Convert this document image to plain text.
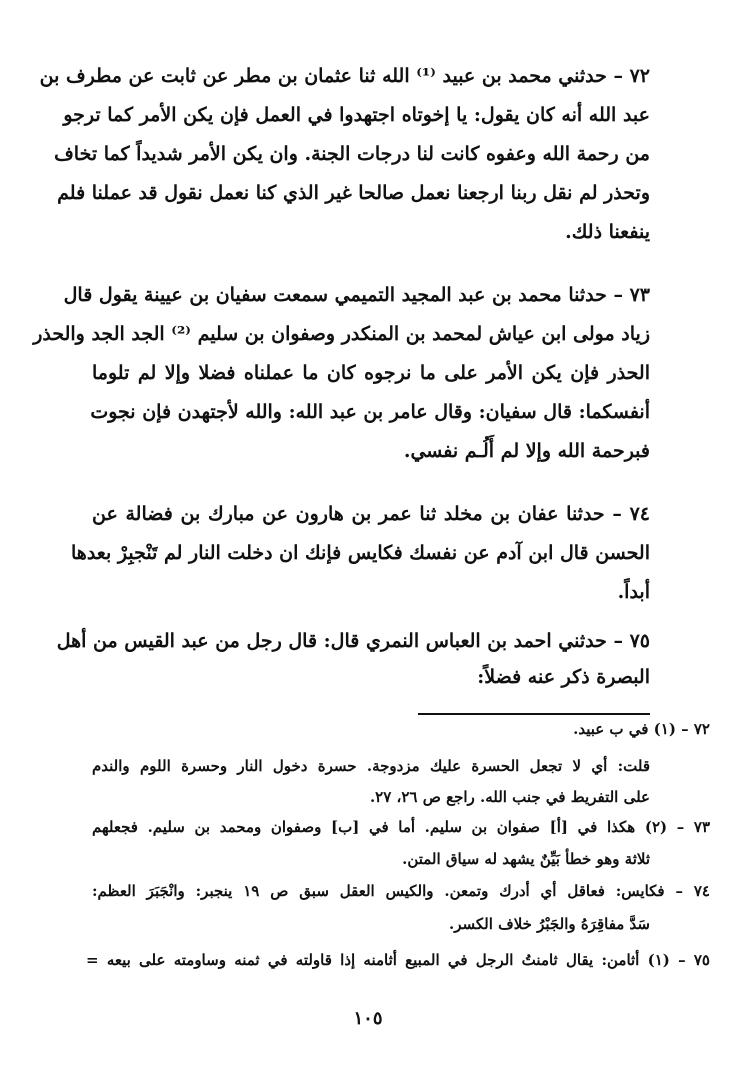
٧٢ – حدثني محمد بن عبيد ⁽¹⁾ الله ثنا عثمان بن مطر عن ثابت عن مطرف بن
عبد الله أنه كان يقول: يا إخوتاه اجتهدوا في العمل فإن يكن الأمر كما ترجو
من رحمة الله وعفوه كانت لنا درجات الجنة. وان يكن الأمر شديداً كما تخاف
وتحذر لم نقل ربنا ارجعنا نعمل صالحا غير الذي كنا نعمل نقول قد عملنا فلم
ينفعنا ذلك.
٧٣ – حدثنا محمد بن عبد المجيد التميمي سمعت سفيان بن عيينة يقول قال
زياد مولى ابن عياش لمحمد بن المنكدر وصفوان بن سليم ⁽²⁾ الجد الجد والحذر
الحذر فإن يكن الأمر على ما نرجوه كان ما عملناه فضلا وإلا لم تلوما
أنفسكما: قال سفيان: وقال عامر بن عبد الله: والله لأجتهدن فإن نجوت
فبرحمة الله وإلا لم أَلُـم نفسي.
٧٤ – حدثنا عفان بن مخلد ثنا عمر بن هارون عن مبارك بن فضالة عن
الحسن قال ابن آدم عن نفسك فكايس فإنك ان دخلت النار لم تَنْجبِرْ بعدها
أبداً.
٧٥ – حدثني احمد بن العباس النمري قال: قال رجل من عبد القيس من أهل
البصرة ذكر عنه فضلاً:
٧٢ – (١) في ب عبيد.
قلت: أي لا تجعل الحسرة عليك مزدوجة. حسرة دخول النار وحسرة اللوم والندم
على التفريط في جنب الله. راجع ص ٢٦، ٢٧.
٧٣ – (٢) هكذا في [أ] صفوان بن سليم. أما في [ب] وصفوان ومحمد بن سليم. فجعلهم
ثلاثة وهو خطأ بَيِّنٌ يشهد له سياق المتن.
٧٤ – فكايس: فعاقل أي أدرك وتمعن. والكيس العقل سبق ص ١٩ ينجبر: وانْجَبَرَ العظم:
سَدَّ مفاقِرَهُ والجَبْرُ خلاف الكسر.
٧٥ – (١) أثامن: يقال ثامنتُ الرجل في المبيع أثامنه إذا قاولته في ثمنه وساومته على بيعه =
١٠٥
